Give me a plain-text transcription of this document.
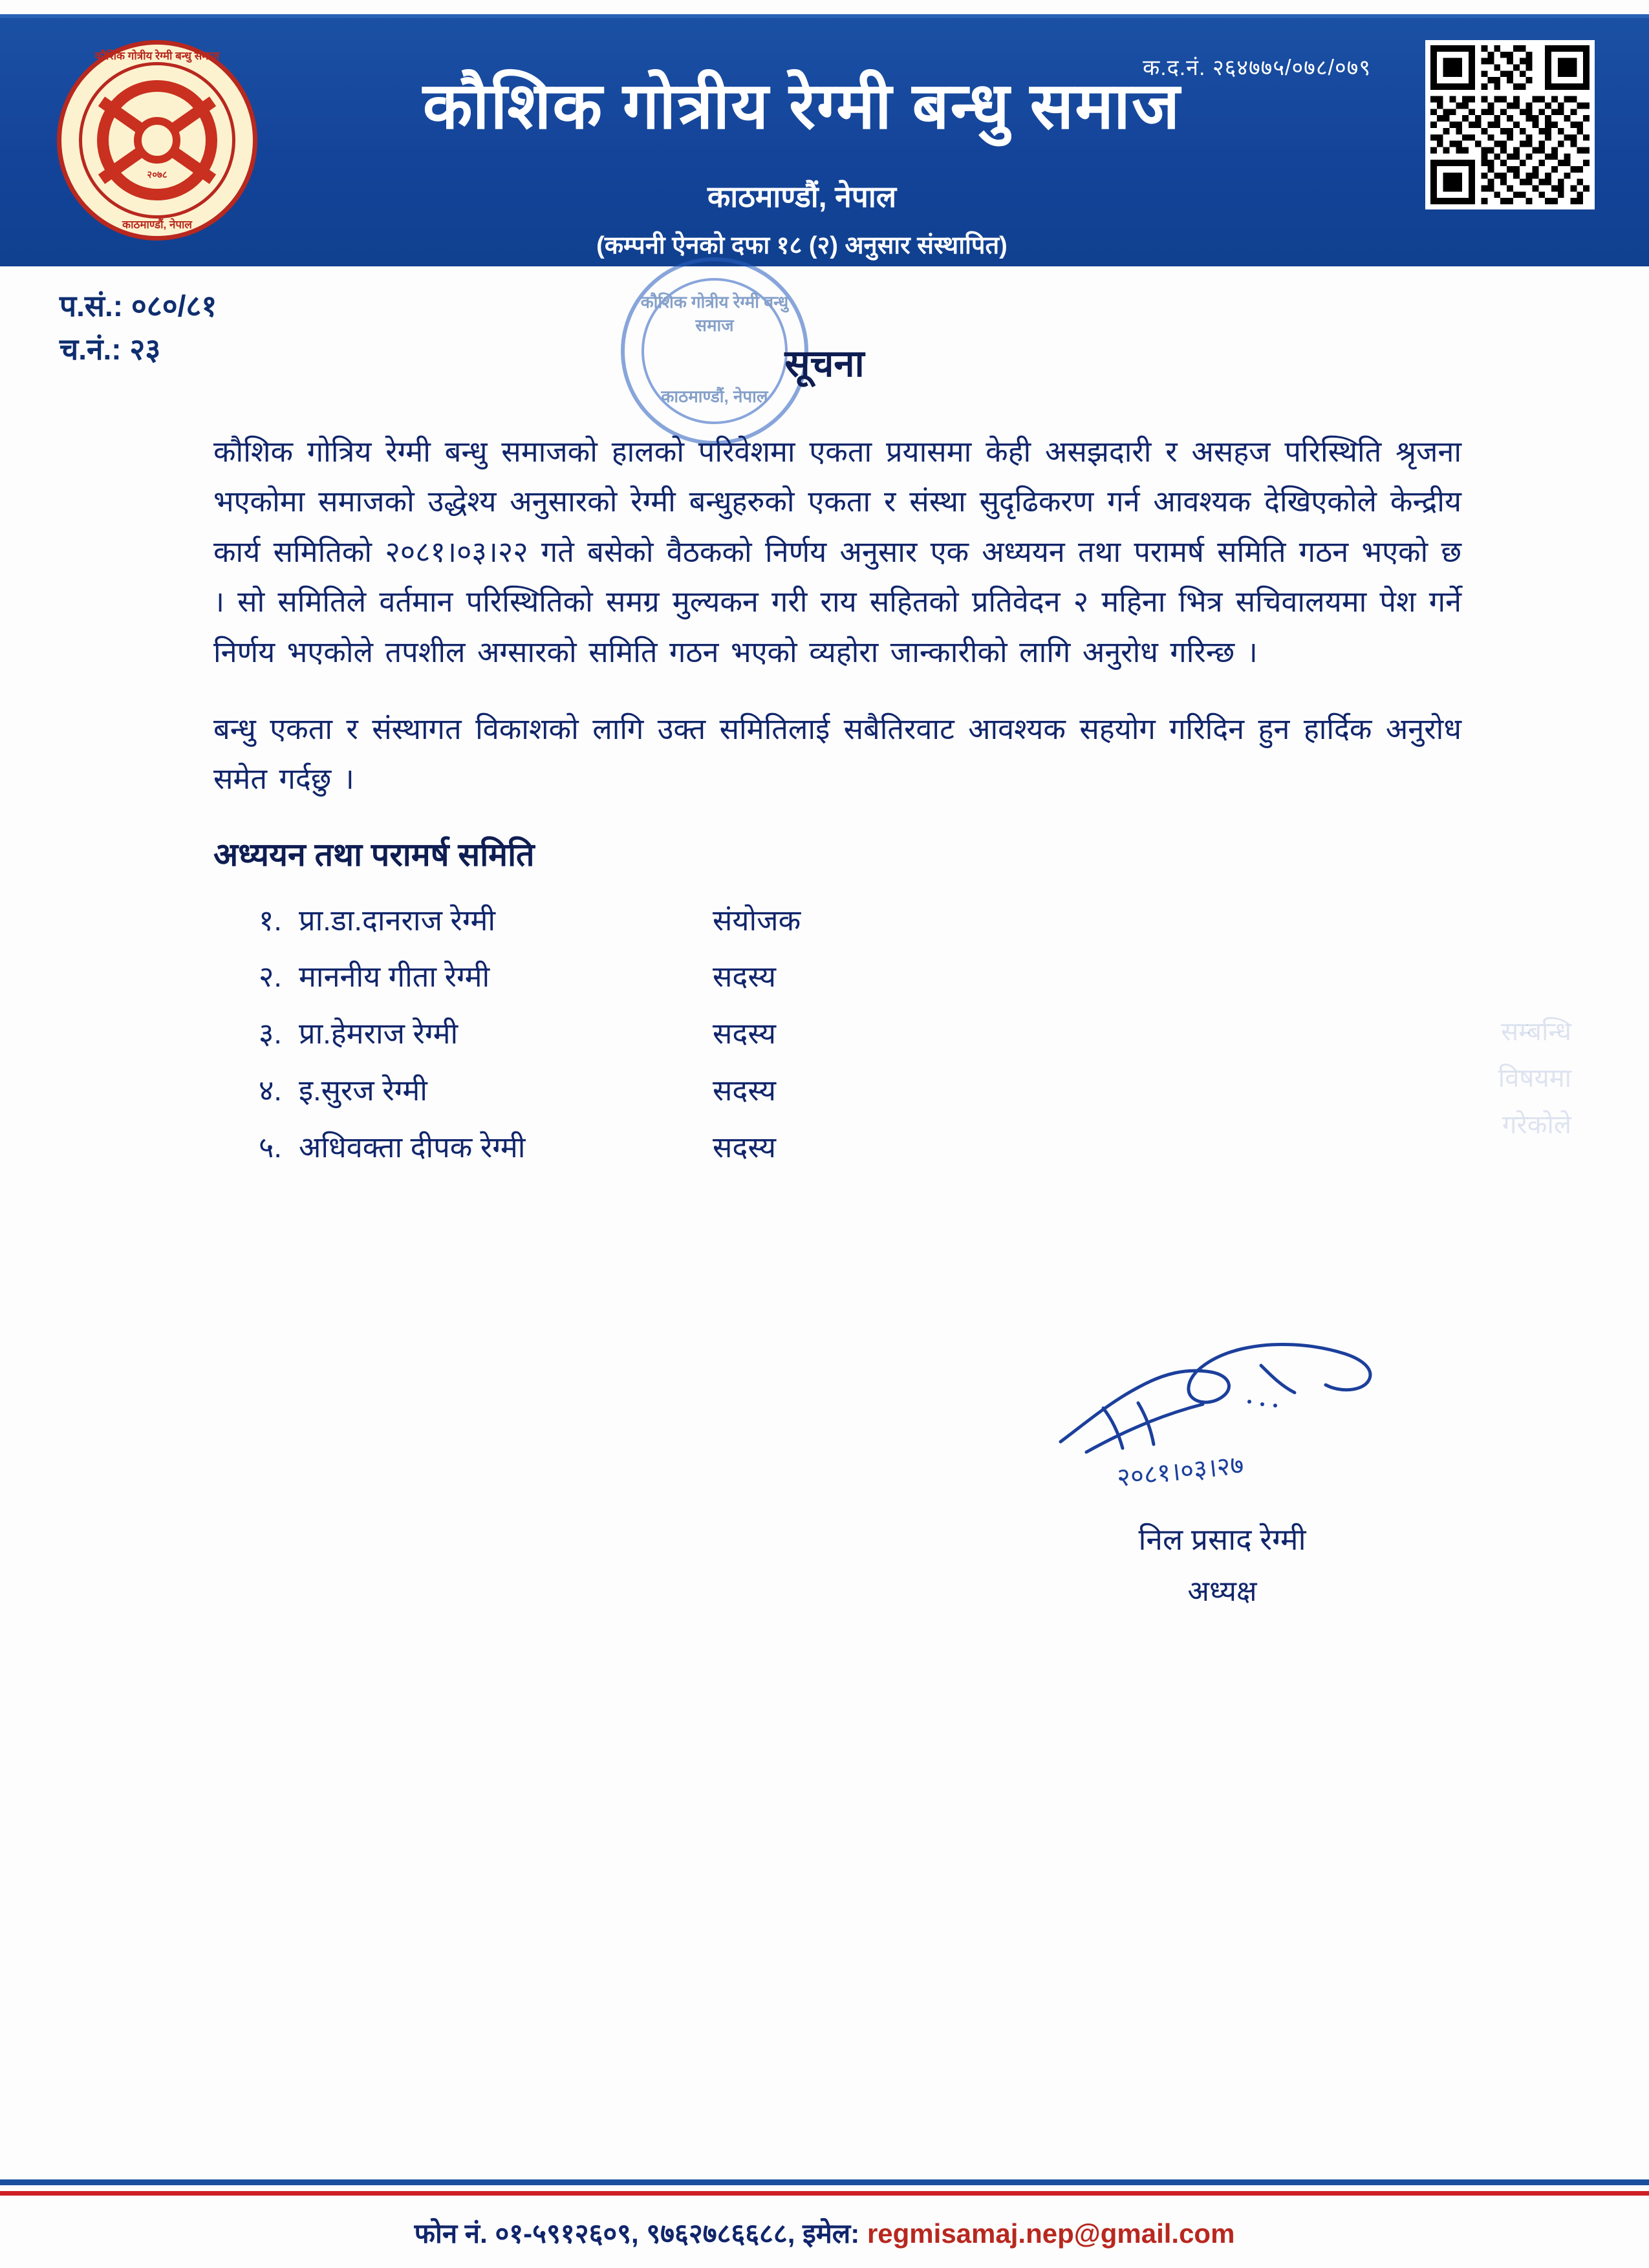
क.द.नं. २६४७७५/०७८/०७९
कौशिक गोत्रीय रेग्मी बन्धु समाज
काठमाण्डौं, नेपाल
(कम्पनी ऐनको दफा १८ (२) अनुसार संस्थापित)
कौशिक गोत्रीय रेग्मी बन्धु समाज
२०७८
काठमाण्डौं, नेपाल
प.सं.: ०८०/८१
च.नं.: २३
कौशिक गोत्रीय रेग्मी बन्धु समाज
काठमाण्डौं, नेपाल
सूचना

कौशिक गोत्रिय रेग्मी बन्धु समाजको हालको परिवेशमा एकता प्रयासमा केही असझदारी र असहज परिस्थिति श्रृजना भएकोमा समाजको उद्धेश्य अनुसारको रेग्मी बन्धुहरुको एकता र संस्था सुदृढिकरण गर्न आवश्यक देखिएकोले केन्द्रीय कार्य समितिको २०८१।०३।२२ गते बसेको वैठकको निर्णय अनुसार एक अध्ययन तथा परामर्ष समिति गठन भएको छ । सो समितिले वर्तमान परिस्थितिको समग्र मुल्यकन गरी राय सहितको प्रतिवेदन २ महिना भित्र सचिवालयमा पेश गर्ने निर्णय भएकोले तपशील अग्सारको समिति गठन भएको व्यहोरा जान्कारीको लागि अनुरोध गरिन्छ ।

बन्धु एकता र संस्थागत विकाशको लागि उक्त समितिलाई सबैतिरवाट आवश्यक सहयोग गरिदिन हुन हार्दिक अनुरोध समेत गर्दछु ।

अध्ययन तथा परामर्ष समिति
१. प्रा.डा.दानराज रेग्मी	संयोजक
२. माननीय गीता रेग्मी	सदस्य
३. प्रा.हेमराज रेग्मी	सदस्य
४. इ.सुरज रेग्मी	सदस्य
५. अधिवक्ता दीपक रेग्मी	सदस्य
सम्बन्धि
विषयमा
गरेकोले
२०८१।०३।२७
निल प्रसाद रेग्मी
अध्यक्ष
फोन नं. ०१-५९१२६०९, ९७६२७८६६८८, इमेल: regmisamaj.nep@gmail.com
